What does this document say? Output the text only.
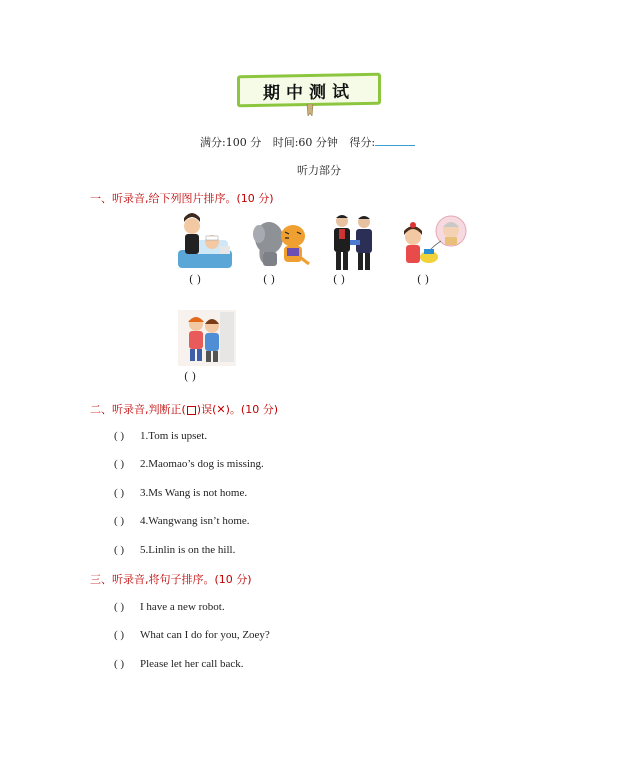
期中测试
满分:100 分 时间:60 分钟 得分:
听力部分
一、听录音,给下列图片排序。(10 分)
( )	( )	( )	( )
( )
二、听录音,判断正( )误(✕)。(10 分)
( ) 1.Tom is upset.
( ) 2.Maomao’s dog is missing.
( ) 3.Ms Wang is not home.
( ) 4.Wangwang isn’t home.
( ) 5.Linlin is on the hill.
三、听录音,将句子排序。(10 分)
( ) I have a new robot.
( ) What can I do for you, Zoey?
( ) Please let her call back.
